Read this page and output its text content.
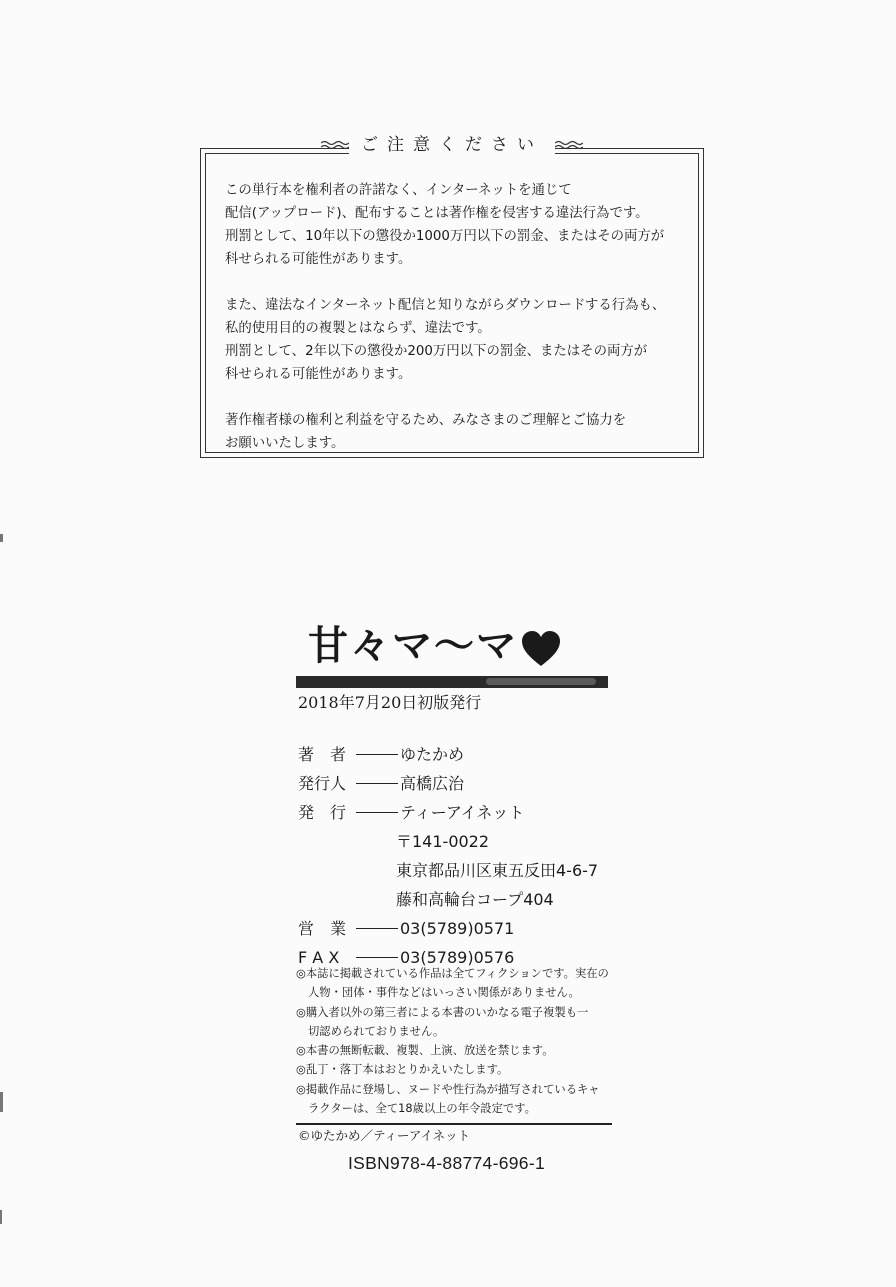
ご注意ください

この単行本を権利者の許諾なく、インターネットを通じて
配信(アップロード)、配布することは著作権を侵害する違法行為です。
刑罰として、10年以下の懲役か1000万円以下の罰金、またはその両方が
科せられる可能性があります。

また、違法なインターネット配信と知りながらダウンロードする行為も、
私的使用目的の複製とはならず、違法です。
刑罰として、2年以下の懲役か200万円以下の罰金、またはその両方が
科せられる可能性があります。

著作権者様の権利と利益を守るため、みなさまのご理解とご協力を
お願いいたします。

甘々マ〜マ
2018年7月20日初版発行
著　者	ゆたかめ
発行人	高橋広治
発　行	ティーアイネット
〒141-0022
東京都品川区東五反田4-6-7
藤和高輪台コープ404
営　業	03(5789)0571
F A X	03(5789)0576
◎本誌に掲載されている作品は全てフィクションです。実在の
人物・団体・事件などはいっさい関係がありません。
◎購入者以外の第三者による本書のいかなる電子複製も一
切認められておりません。
◎本書の無断転載、複製、上演、放送を禁じます。
◎乱丁・落丁本はおとりかえいたします。
◎掲載作品に登場し、ヌードや性行為が描写されているキャ
ラクターは、全て18歳以上の年令設定です。
©ゆたかめ／ティーアイネット
ISBN978-4-88774-696-1
